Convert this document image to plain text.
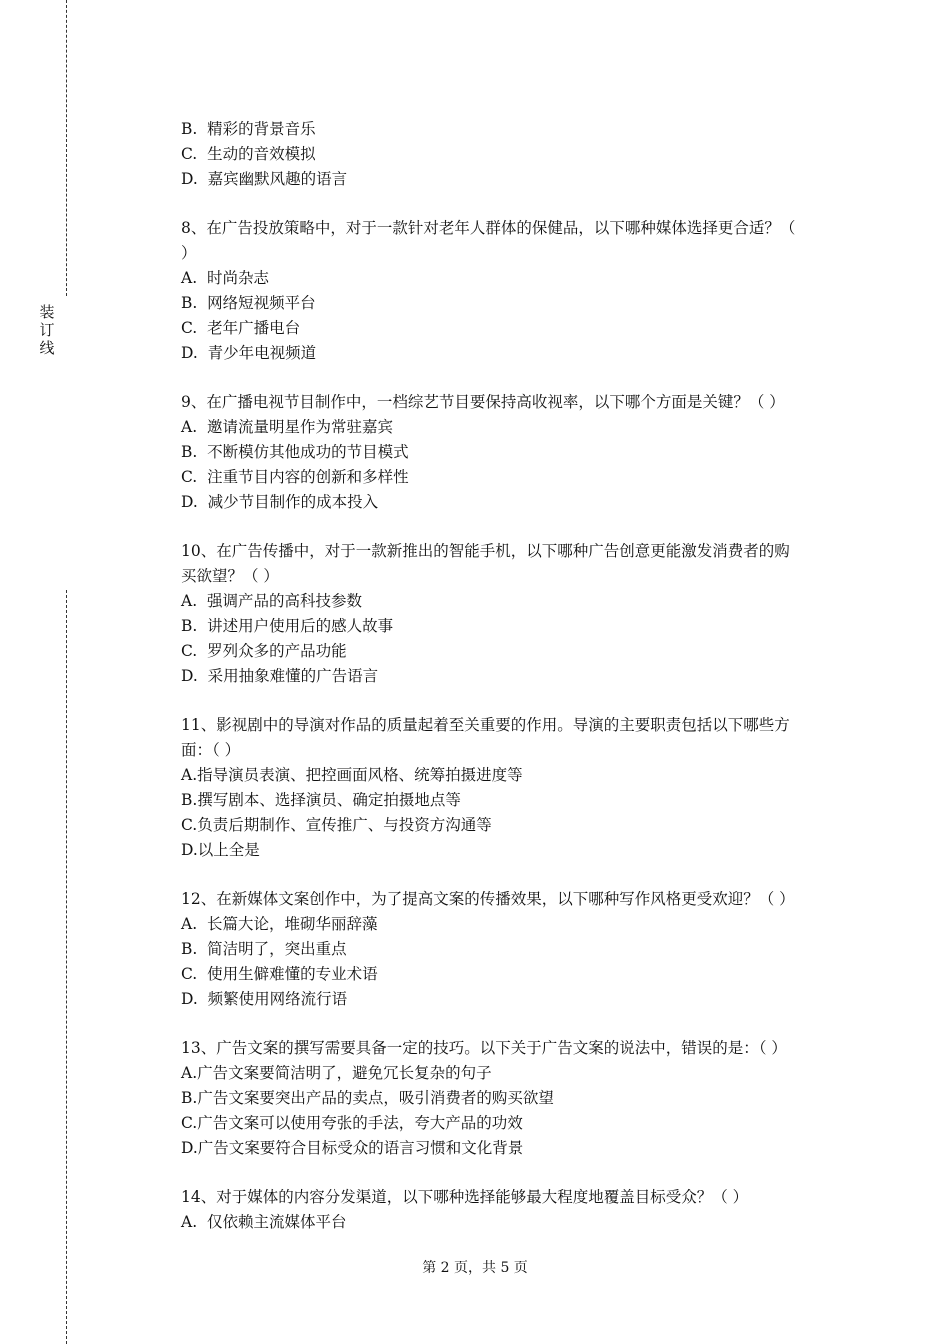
装
订
线
B.  精彩的背景音乐
C.  生动的音效模拟
D.  嘉宾幽默风趣的语言
8、在广告投放策略中，对于一款针对老年人群体的保健品，以下哪种媒体选择更合适？（
）
A.  时尚杂志
B.  网络短视频平台
C.  老年广播电台
D.  青少年电视频道
9、在广播电视节目制作中，一档综艺节目要保持高收视率，以下哪个方面是关键？（ ）
A.  邀请流量明星作为常驻嘉宾
B.  不断模仿其他成功的节目模式
C.  注重节目内容的创新和多样性
D.  减少节目制作的成本投入
10、在广告传播中，对于一款新推出的智能手机，以下哪种广告创意更能激发消费者的购
买欲望？（ ）
A.  强调产品的高科技参数
B.  讲述用户使用后的感人故事
C.  罗列众多的产品功能
D.  采用抽象难懂的广告语言
11、影视剧中的导演对作品的质量起着至关重要的作用。导演的主要职责包括以下哪些方
面：（ ）
A.指导演员表演、把控画面风格、统筹拍摄进度等
B.撰写剧本、选择演员、确定拍摄地点等
C.负责后期制作、宣传推广、与投资方沟通等
D.以上全是
12、在新媒体文案创作中，为了提高文案的传播效果，以下哪种写作风格更受欢迎？（ ）
A.  长篇大论，堆砌华丽辞藻
B.  简洁明了，突出重点
C.  使用生僻难懂的专业术语
D.  频繁使用网络流行语
13、广告文案的撰写需要具备一定的技巧。以下关于广告文案的说法中，错误的是：（ ）
A.广告文案要简洁明了，避免冗长复杂的句子
B.广告文案要突出产品的卖点，吸引消费者的购买欲望
C.广告文案可以使用夸张的手法，夸大产品的功效
D.广告文案要符合目标受众的语言习惯和文化背景
14、对于媒体的内容分发渠道，以下哪种选择能够最大程度地覆盖目标受众？（ ）
A.  仅依赖主流媒体平台
第 2 页，共 5 页
